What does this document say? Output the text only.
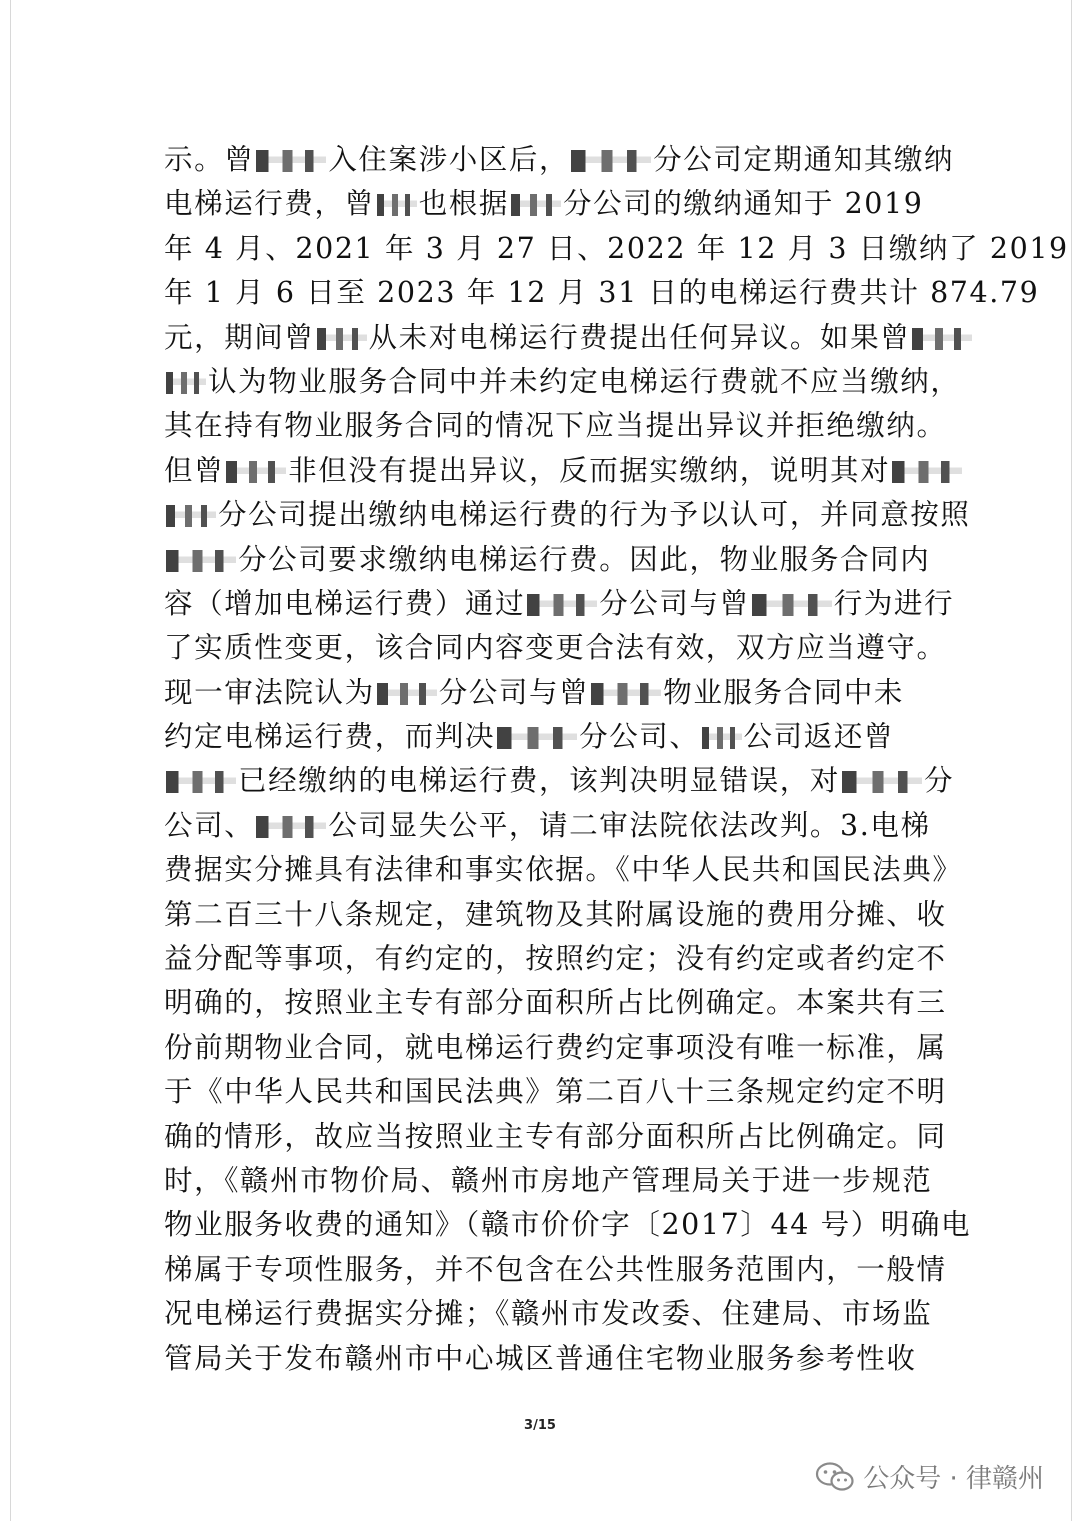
示。曾	入住案涉小区后，	分公司定期通知其缴纳
电梯运行费，曾 也根据 分公司的缴纳通知于 2019
年 4 月、2021 年 3 月 27 日、2022 年 12 月 3 日缴纳了 2019
年 1 月 6 日至 2023 年 12 月 31 日的电梯运行费共计 874.79
元，期间曾 从未对电梯运行费提出任何异议。如果曾
认为物业服务合同中并未约定电梯运行费就不应当缴纳，
其在持有物业服务合同的情况下应当提出异议并拒绝缴纳。
但曾 非但没有提出异议，反而据实缴纳，说明其对
分公司提出缴纳电梯运行费的行为予以认可，并同意按照
分公司要求缴纳电梯运行费。因此，物业服务合同内
容（增加电梯运行费）通过	分公司与曾	行为进行
了实质性变更，该合同内容变更合法有效，双方应当遵守。
现一审法院认为 分公司与曾	物业服务合同中未
约定电梯运行费，而判决	分公司、 公司返还曾
已经缴纳的电梯运行费，该判决明显错误，对	分
公司、	公司显失公平，请二审法院依法改判。3.电梯
费据实分摊具有法律和事实依据。《中华人民共和国民法典》
第二百三十八条规定，建筑物及其附属设施的费用分摊、收
益分配等事项，有约定的，按照约定；没有约定或者约定不
明确的，按照业主专有部分面积所占比例确定。本案共有三
份前期物业合同，就电梯运行费约定事项没有唯一标准，属
于《中华人民共和国民法典》第二百八十三条规定约定不明
确的情形，故应当按照业主专有部分面积所占比例确定。同
时，《赣州市物价局、赣州市房地产管理局关于进一步规范
物业服务收费的通知》（赣市价价字〔2017〕44 号）明确电
梯属于专项性服务，并不包含在公共性服务范围内，一般情
况电梯运行费据实分摊；《赣州市发改委、住建局、市场监
管局关于发布赣州市中心城区普通住宅物业服务参考性收
3/15
公众号 · 律赣州
